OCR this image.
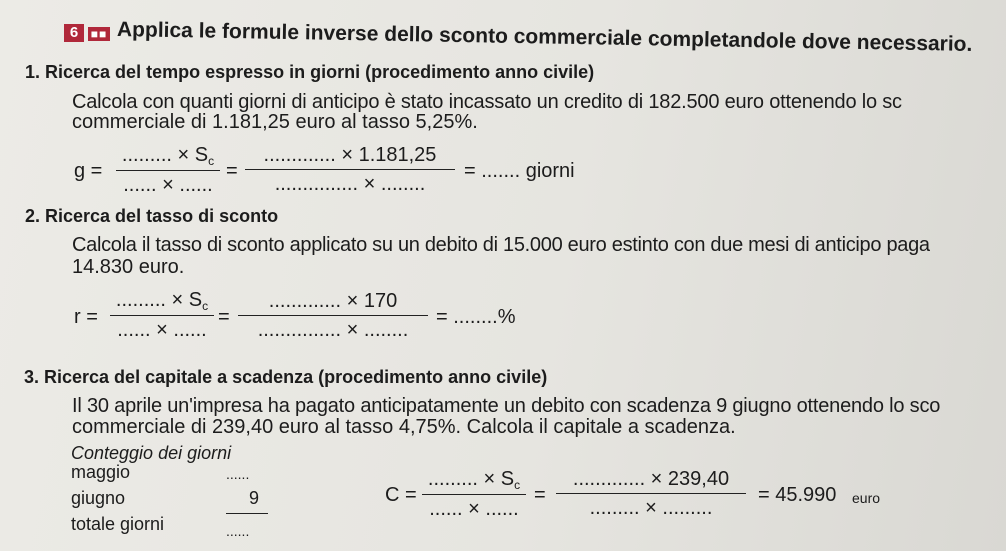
6	■■ Applica le formule inverse dello sconto commerciale completandole dove necessario.
1. Ricerca del tempo espresso in giorni (procedimento anno civile)
Calcola con quanti giorni di anticipo è stato incassato un credito di 182.500 euro ottenendo lo sc
commerciale di 1.181,25 euro al tasso 5,25%.
g =
......... × $S_c$
...... × ......
=
............. × 1.181,25
............... × ........
= ....... giorni
2. Ricerca del tasso di sconto
Calcola il tasso di sconto applicato su un debito di 15.000 euro estinto con due mesi di anticipo paga
14.830 euro.
r =
......... × $S_c$
...... × ......
=
............. × 170
............... × ........
= ........%
3. Ricerca del capitale a scadenza (procedimento anno civile)
Il 30 aprile un'impresa ha pagato anticipatamente un debito con scadenza 9 giugno ottenendo lo sco
commerciale di 239,40 euro al tasso 4,75%. Calcola il capitale a scadenza.
Conteggio dei giorni
maggio	......
giugno	9
totale giorni	......
C =
......... × $S_c$
...... × ......
=
............. × 239,40
......... × .........
= 45.990 euro
